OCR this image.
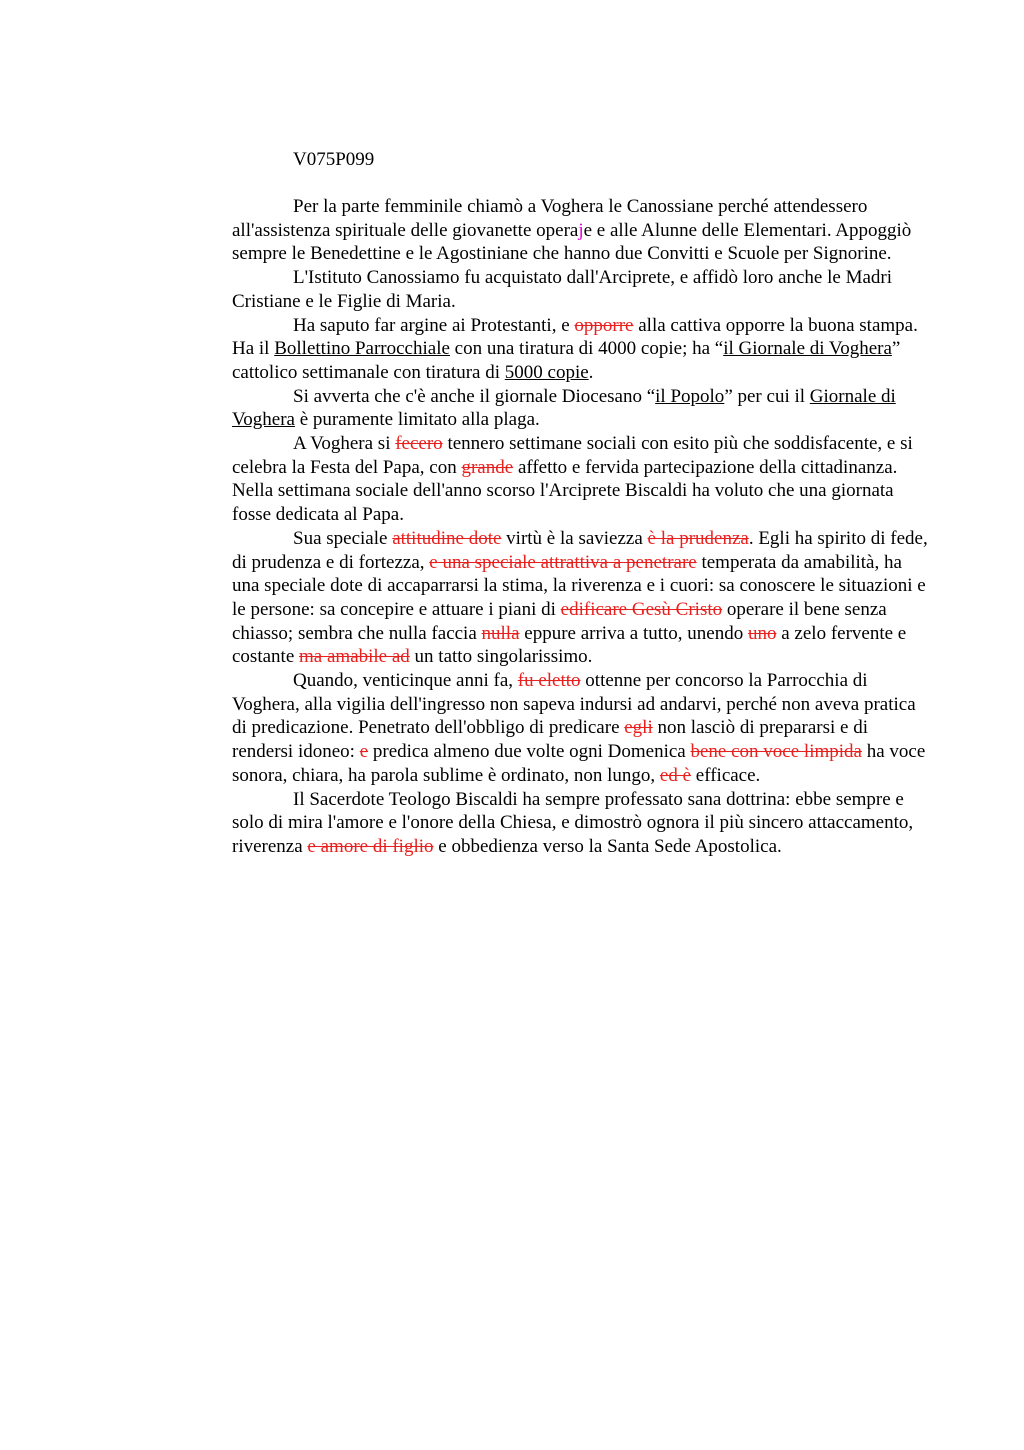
V075P099

Per la parte femminile chiamò a Voghera le Canossiane perché attendessero all'assistenza spirituale delle giovanette operaje e alle Alunne delle Elementari. Appoggiò sempre le Benedettine e le Agostiniane che hanno due Convitti e Scuole per Signorine.

L'Istituto Canossiamo fu acquistato dall'Arciprete, e affidò loro anche le Madri Cristiane e le Figlie di Maria.

Ha saputo far argine ai Protestanti, e opporre alla cattiva opporre la buona stampa. Ha il Bollettino Parrocchiale con una tiratura di 4000 copie; ha “il Giornale di Voghera” cattolico settimanale con tiratura di 5000 copie.

Si avverta che c'è anche il giornale Diocesano “il Popolo” per cui il Giornale di Voghera è puramente limitato alla plaga.

A Voghera si fecero tennero settimane sociali con esito più che soddisfacente, e si celebra la Festa del Papa, con grande affetto e fervida partecipazione della cittadinanza. Nella settimana sociale dell'anno scorso l'Arciprete Biscaldi ha voluto che una giornata fosse dedicata al Papa.

Sua speciale attitudine dote virtù è la saviezza è la prudenza. Egli ha spirito di fede, di prudenza e di fortezza, e una speciale attrattiva a penetrare temperata da amabilità, ha una speciale dote di accaparrarsi la stima, la riverenza e i cuori: sa conoscere le situazioni e le persone: sa concepire e attuare i piani di edificare Gesù Cristo operare il bene senza chiasso; sembra che nulla faccia nulla eppure arriva a tutto, unendo uno a zelo fervente e costante ma amabile ad un tatto singolarissimo.

Quando, venticinque anni fa, fu eletto ottenne per concorso la Parrocchia di Voghera, alla vigilia dell'ingresso non sapeva indursi ad andarvi, perché non aveva pratica di predicazione. Penetrato dell'obbligo di predicare egli non lasciò di prepararsi e di rendersi idoneo: e predica almeno due volte ogni Domenica bene con voce limpida ha voce sonora, chiara, ha parola sublime è ordinato, non lungo, ed è efficace.

Il Sacerdote Teologo Biscaldi ha sempre professato sana dottrina: ebbe sempre e solo di mira l'amore e l'onore della Chiesa, e dimostrò ognora il più sincero attaccamento, riverenza e amore di figlio e obbedienza verso la Santa Sede Apostolica.
